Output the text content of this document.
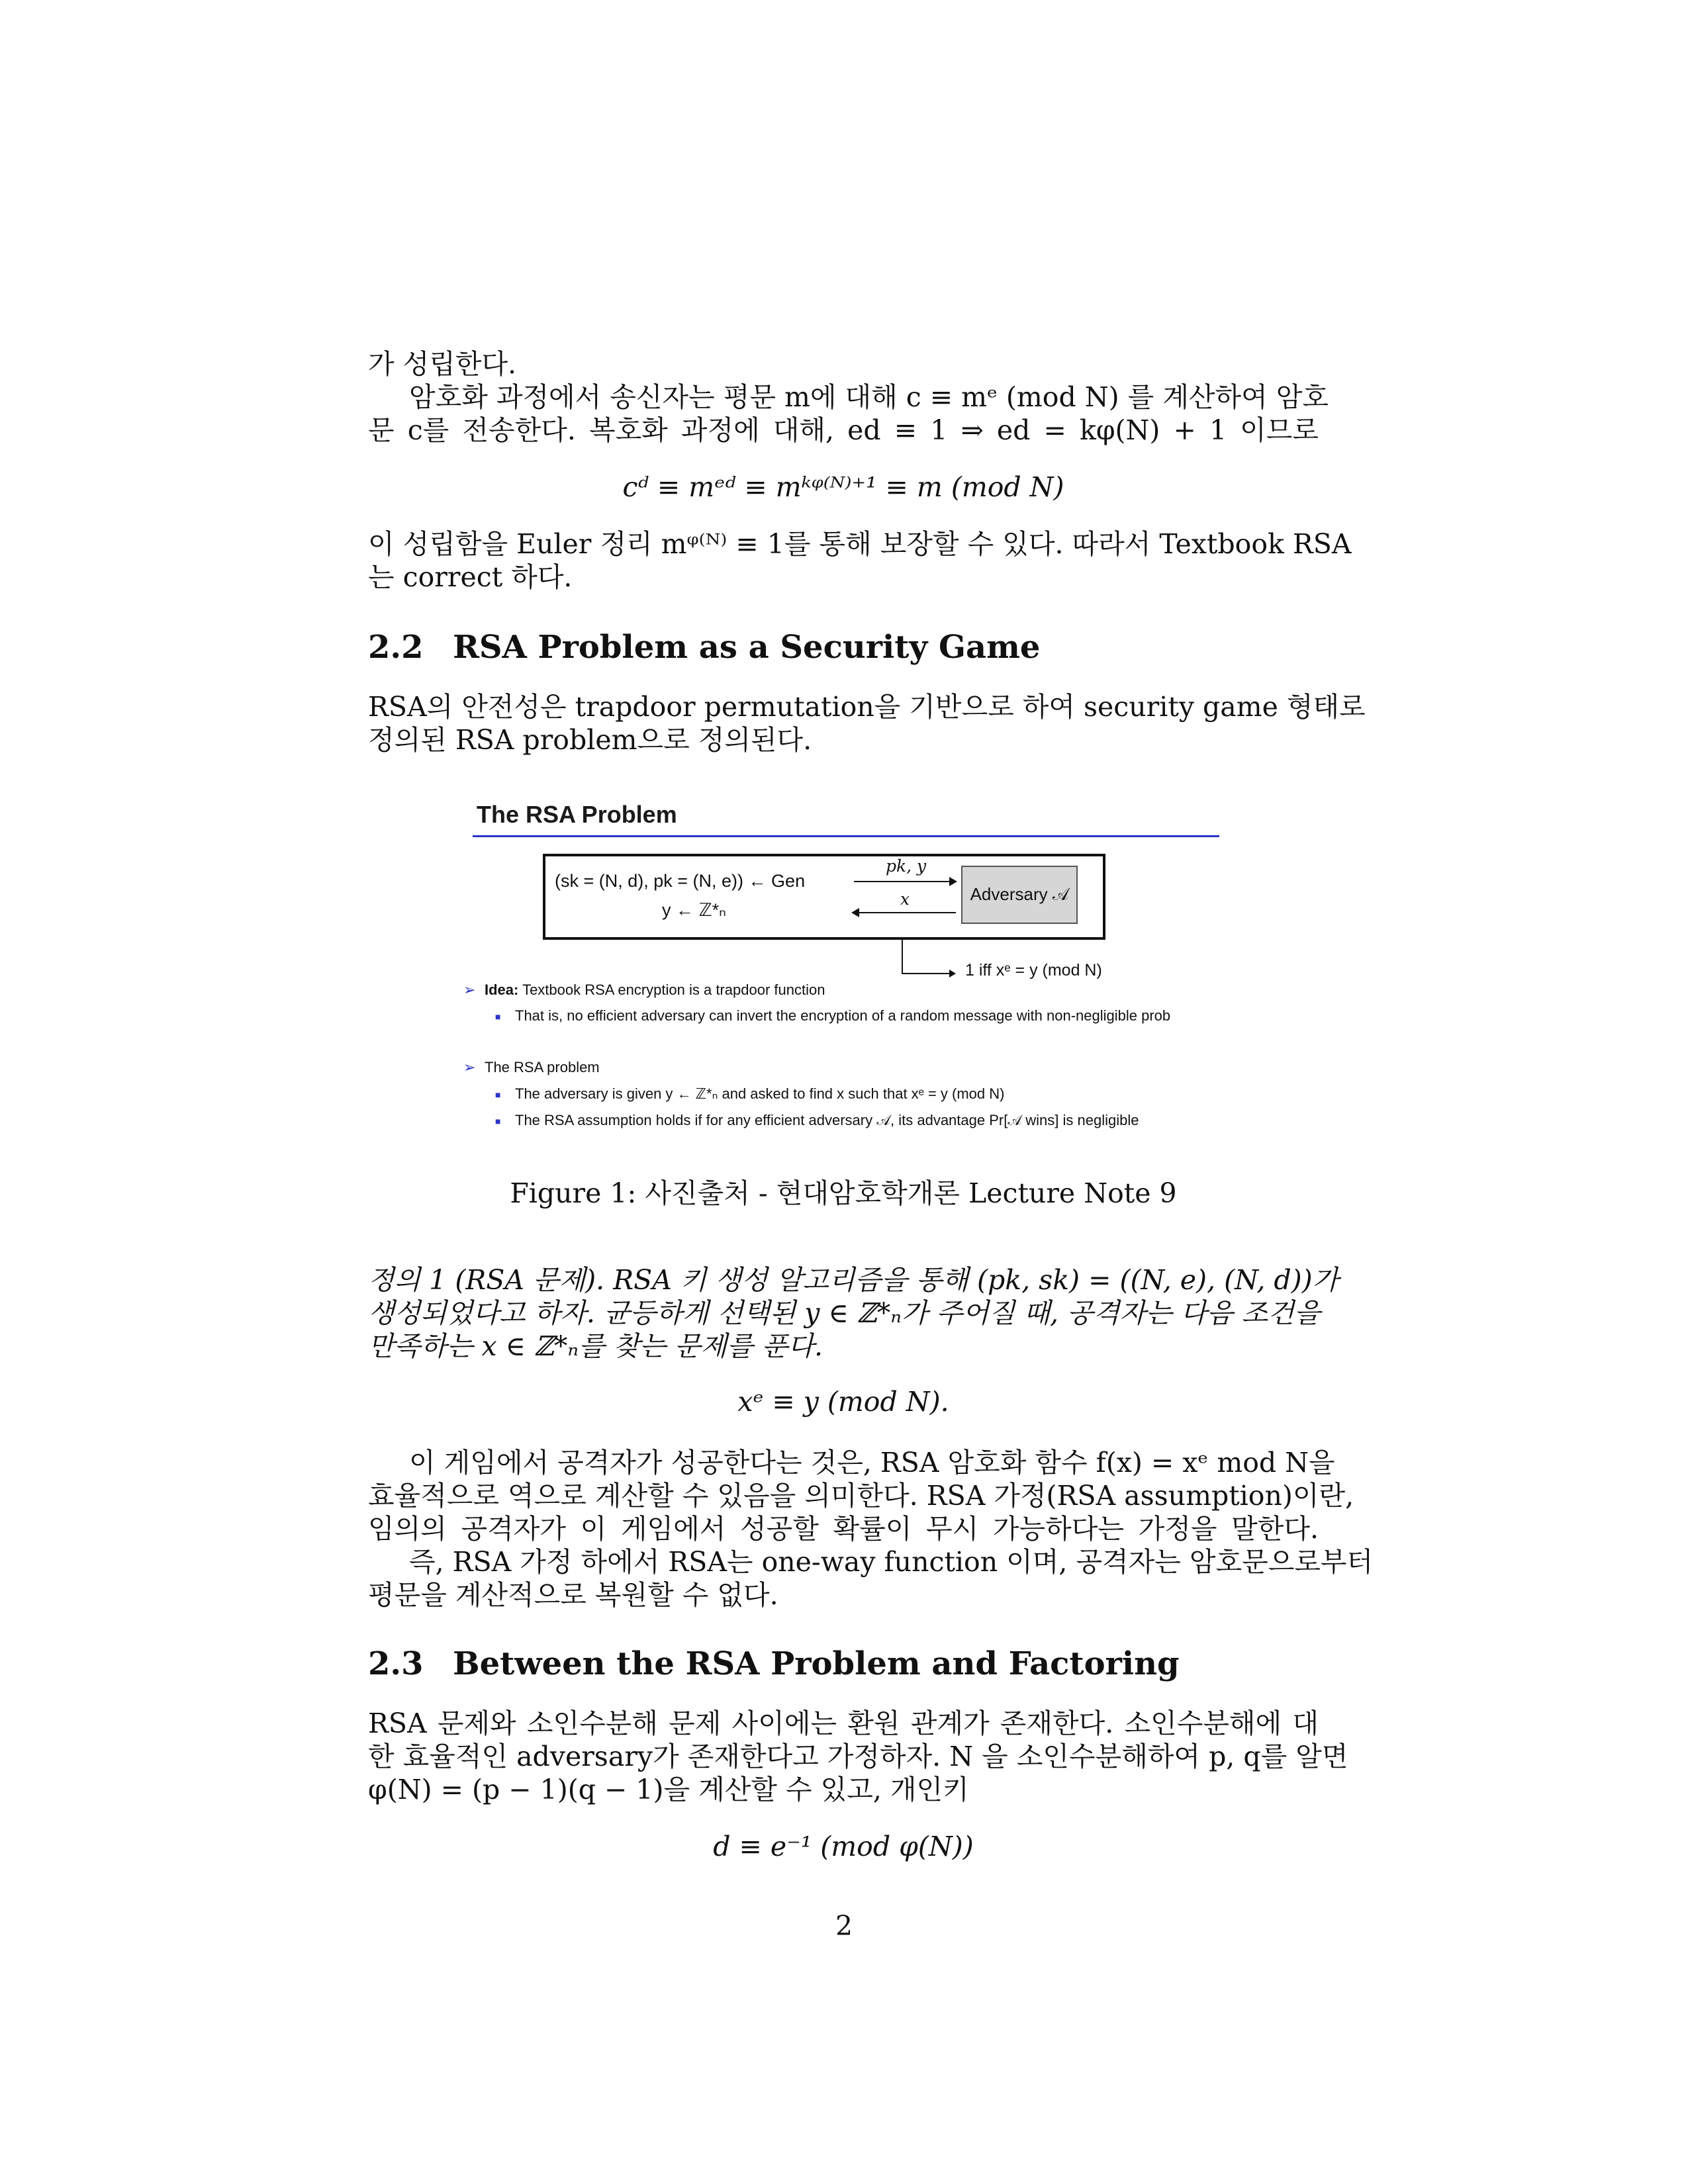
가 성립한다.
암호화 과정에서 송신자는 평문 m에 대해 c ≡ mᵉ (mod N) 를 계산하여 암호
문 c를 전송한다. 복호화 과정에 대해, ed ≡ 1 ⇒ ed = kφ(N) + 1 이므로
cᵈ ≡ mᵉᵈ ≡ mᵏᵠ⁽ᴺ⁾⁺¹ ≡ m (mod N)
이 성립함을 Euler 정리 mᵠ⁽ᴺ⁾ ≡ 1를 통해 보장할 수 있다. 따라서 Textbook RSA
는 correct 하다.
2.2 RSA Problem as a Security Game
RSA의 안전성은 trapdoor permutation을 기반으로 하여 security game 형태로
정의된 RSA problem으로 정의된다.
The RSA Problem
(sk = (N, d), pk = (N, e)) ← Gen
y ← ℤ*ₙ
pk, y
x	Adversary 𝒜
1 iff xᵉ = y (mod N)
➢ Idea: Textbook RSA encryption is a trapdoor function
■ That is, no efficient adversary can invert the encryption of a random message with non-negligible prob
➢ The RSA problem
■ The adversary is given y ← ℤ*ₙ and asked to find x such that xᵉ = y (mod N)
■ The RSA assumption holds if for any efficient adversary 𝒜, its advantage Pr[𝒜 wins] is negligible
Figure 1: 사진출처 - 현대암호학개론 Lecture Note 9
정의 1 (RSA 문제). RSA 키 생성 알고리즘을 통해 (pk, sk) = ((N, e), (N, d))가
생성되었다고 하자. 균등하게 선택된 y ∈ ℤ*ₙ가 주어질 때, 공격자는 다음 조건을
만족하는 x ∈ ℤ*ₙ를 찾는 문제를 푼다.
xᵉ ≡ y (mod N).
이 게임에서 공격자가 성공한다는 것은, RSA 암호화 함수 f(x) = xᵉ mod N을
효율적으로 역으로 계산할 수 있음을 의미한다. RSA 가정(RSA assumption)이란,
임의의 공격자가 이 게임에서 성공할 확률이 무시 가능하다는 가정을 말한다.
즉, RSA 가정 하에서 RSA는 one-way function 이며, 공격자는 암호문으로부터
평문을 계산적으로 복원할 수 없다.
2.3 Between the RSA Problem and Factoring
RSA 문제와 소인수분해 문제 사이에는 환원 관계가 존재한다. 소인수분해에 대
한 효율적인 adversary가 존재한다고 가정하자. N 을 소인수분해하여 p, q를 알면
φ(N) = (p − 1)(q − 1)을 계산할 수 있고, 개인키
d ≡ e⁻¹ (mod φ(N))
2
